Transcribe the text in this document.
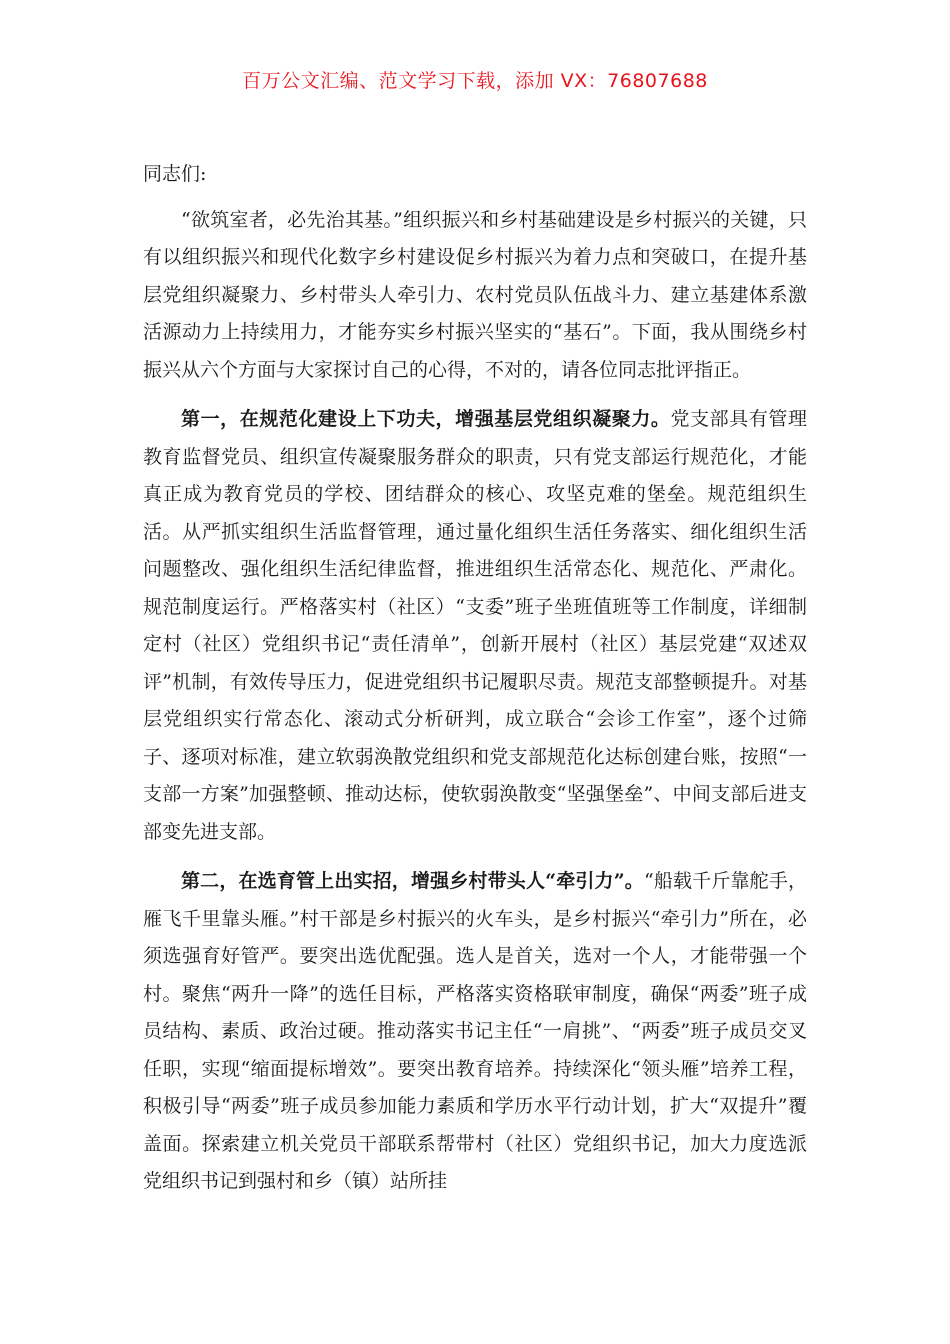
百万公文汇编、范文学习下载，添加 VX：76807688

同志们:

“欲筑室者，必先治其基。”组织振兴和乡村基础建设是乡村振兴的关键，只有以组织振兴和现代化数字乡村建设促乡村振兴为着力点和突破口，在提升基层党组织凝聚力、乡村带头人牵引力、农村党员队伍战斗力、建立基建体系激活源动力上持续用力，才能夯实乡村振兴坚实的“基石”。下面，我从围绕乡村振兴从六个方面与大家探讨自己的心得，不对的，请各位同志批评指正。

第一，在规范化建设上下功夫，增强基层党组织凝聚力。党支部具有管理教育监督党员、组织宣传凝聚服务群众的职责，只有党支部运行规范化，才能真正成为教育党员的学校、团结群众的核心、攻坚克难的堡垒。规范组织生活。从严抓实组织生活监督管理，通过量化组织生活任务落实、细化组织生活问题整改、强化组织生活纪律监督，推进组织生活常态化、规范化、严肃化。规范制度运行。严格落实村（社区）“支委”班子坐班值班等工作制度，详细制定村（社区）党组织书记“责任清单”，创新开展村（社区）基层党建“双述双评”机制，有效传导压力，促进党组织书记履职尽责。规范支部整顿提升。对基层党组织实行常态化、滚动式分析研判，成立联合“会诊工作室”，逐个过筛子、逐项对标准，建立软弱涣散党组织和党支部规范化达标创建台账，按照“一支部一方案”加强整顿、推动达标，使软弱涣散变“坚强堡垒”、中间支部后进支部变先进支部。

第二，在选育管上出实招，增强乡村带头人“牵引力”。“船载千斤靠舵手，雁飞千里靠头雁。”村干部是乡村振兴的火车头，是乡村振兴“牵引力”所在，必须选强育好管严。要突出选优配强。选人是首关，选对一个人，才能带强一个村。聚焦“两升一降”的选任目标，严格落实资格联审制度，确保“两委”班子成员结构、素质、政治过硬。推动落实书记主任“一肩挑”、“两委”班子成员交叉任职，实现“缩面提标增效”。要突出教育培养。持续深化“领头雁”培养工程，积极引导“两委”班子成员参加能力素质和学历水平行动计划，扩大“双提升”覆盖面。探索建立机关党员干部联系帮带村（社区）党组织书记，加大力度选派党组织书记到强村和乡（镇）站所挂
